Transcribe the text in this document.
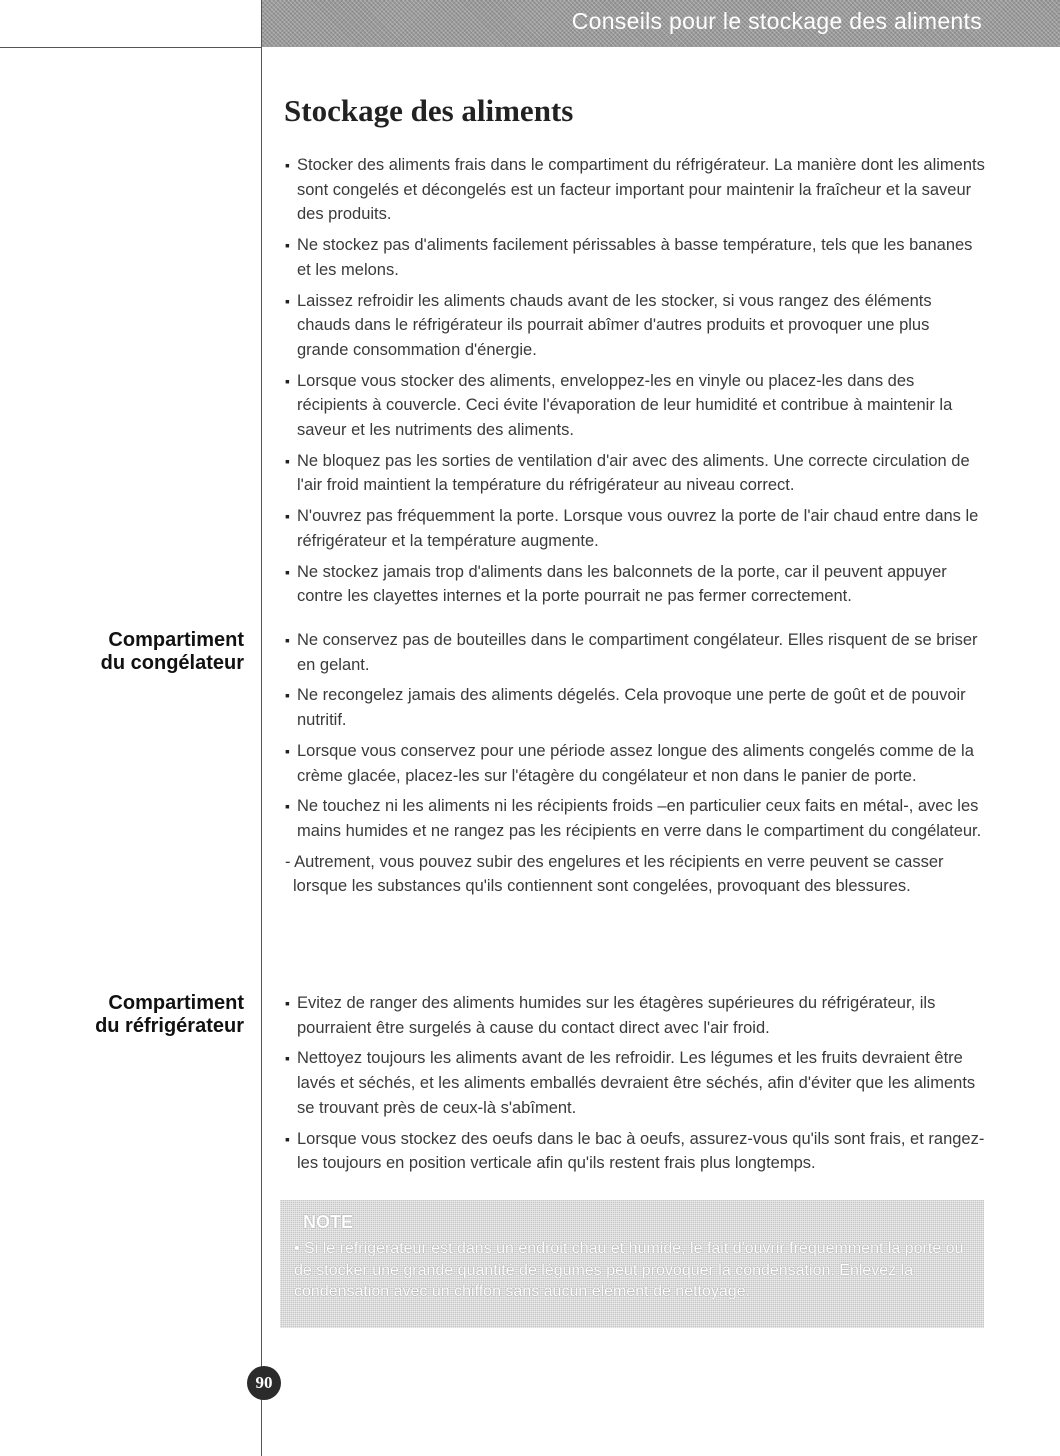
Conseils pour le stockage des aliments
Stockage des aliments
▪ Stocker des aliments frais dans le compartiment du réfrigérateur. La manière dont les aliments sont congelés et décongelés est un facteur important pour maintenir la fraîcheur et la saveur des produits.
▪ Ne stockez pas d'aliments facilement périssables à basse température, tels que les bananes et les melons.
▪ Laissez refroidir les aliments chauds avant de les stocker, si vous rangez des éléments chauds dans le réfrigérateur ils pourrait abîmer d'autres produits et provoquer une plus grande consommation d'énergie.
▪ Lorsque vous stocker des aliments, enveloppez-les en vinyle ou placez-les dans des récipients à couvercle. Ceci évite l'évaporation de leur humidité et contribue à maintenir la saveur et les nutriments des aliments.
▪ Ne bloquez pas les sorties de ventilation d'air avec des aliments. Une correcte circulation de l'air froid maintient la température du réfrigérateur au niveau correct.
▪ N'ouvrez pas fréquemment la porte. Lorsque vous ouvrez la porte de l'air chaud entre dans le réfrigérateur et la température augmente.
▪ Ne stockez jamais trop d'aliments dans les balconnets de la porte, car il peuvent appuyer contre les clayettes internes et la porte pourrait ne pas fermer correctement.
Compartiment
du congélateur
▪ Ne conservez pas de bouteilles dans le compartiment congélateur. Elles risquent de se briser en gelant.
▪ Ne recongelez jamais des aliments dégelés. Cela provoque une perte de goût et de pouvoir nutritif.
▪ Lorsque vous conservez pour une période assez longue des aliments congelés comme de la crème glacée, placez-les sur l'étagère du congélateur et non dans le panier de porte.
▪ Ne touchez ni les aliments ni les récipients froids –en particulier ceux faits en métal-, avec les mains humides et ne rangez pas les récipients en verre dans le compartiment du congélateur.
- Autrement, vous pouvez subir des engelures et les récipients en verre peuvent se casser lorsque les substances qu'ils contiennent sont congelées, provoquant des blessures.
Compartiment
du réfrigérateur
▪ Evitez de ranger des aliments humides sur les étagères supérieures du réfrigérateur, ils pourraient être surgelés à cause du contact direct avec l'air froid.
▪ Nettoyez toujours les aliments avant de les refroidir. Les légumes et les fruits devraient être lavés et séchés, et les aliments emballés devraient être séchés, afin d'éviter que les aliments se trouvant près de ceux-là s'abîment.
▪ Lorsque vous stockez des oeufs dans le bac à oeufs, assurez-vous qu'ils sont frais, et rangez-les toujours en position verticale afin qu'ils restent frais plus longtemps.
NOTE
• Si le réfrigérateur est dans un endroit chau et humide, le fait d'ouvrir fréquemment la porte ou de stocker une grande quantité de légumes peut provoquer la condensation. Enlevez la condensation avec un chiffon sans aucun élément de nettoyage.
90
